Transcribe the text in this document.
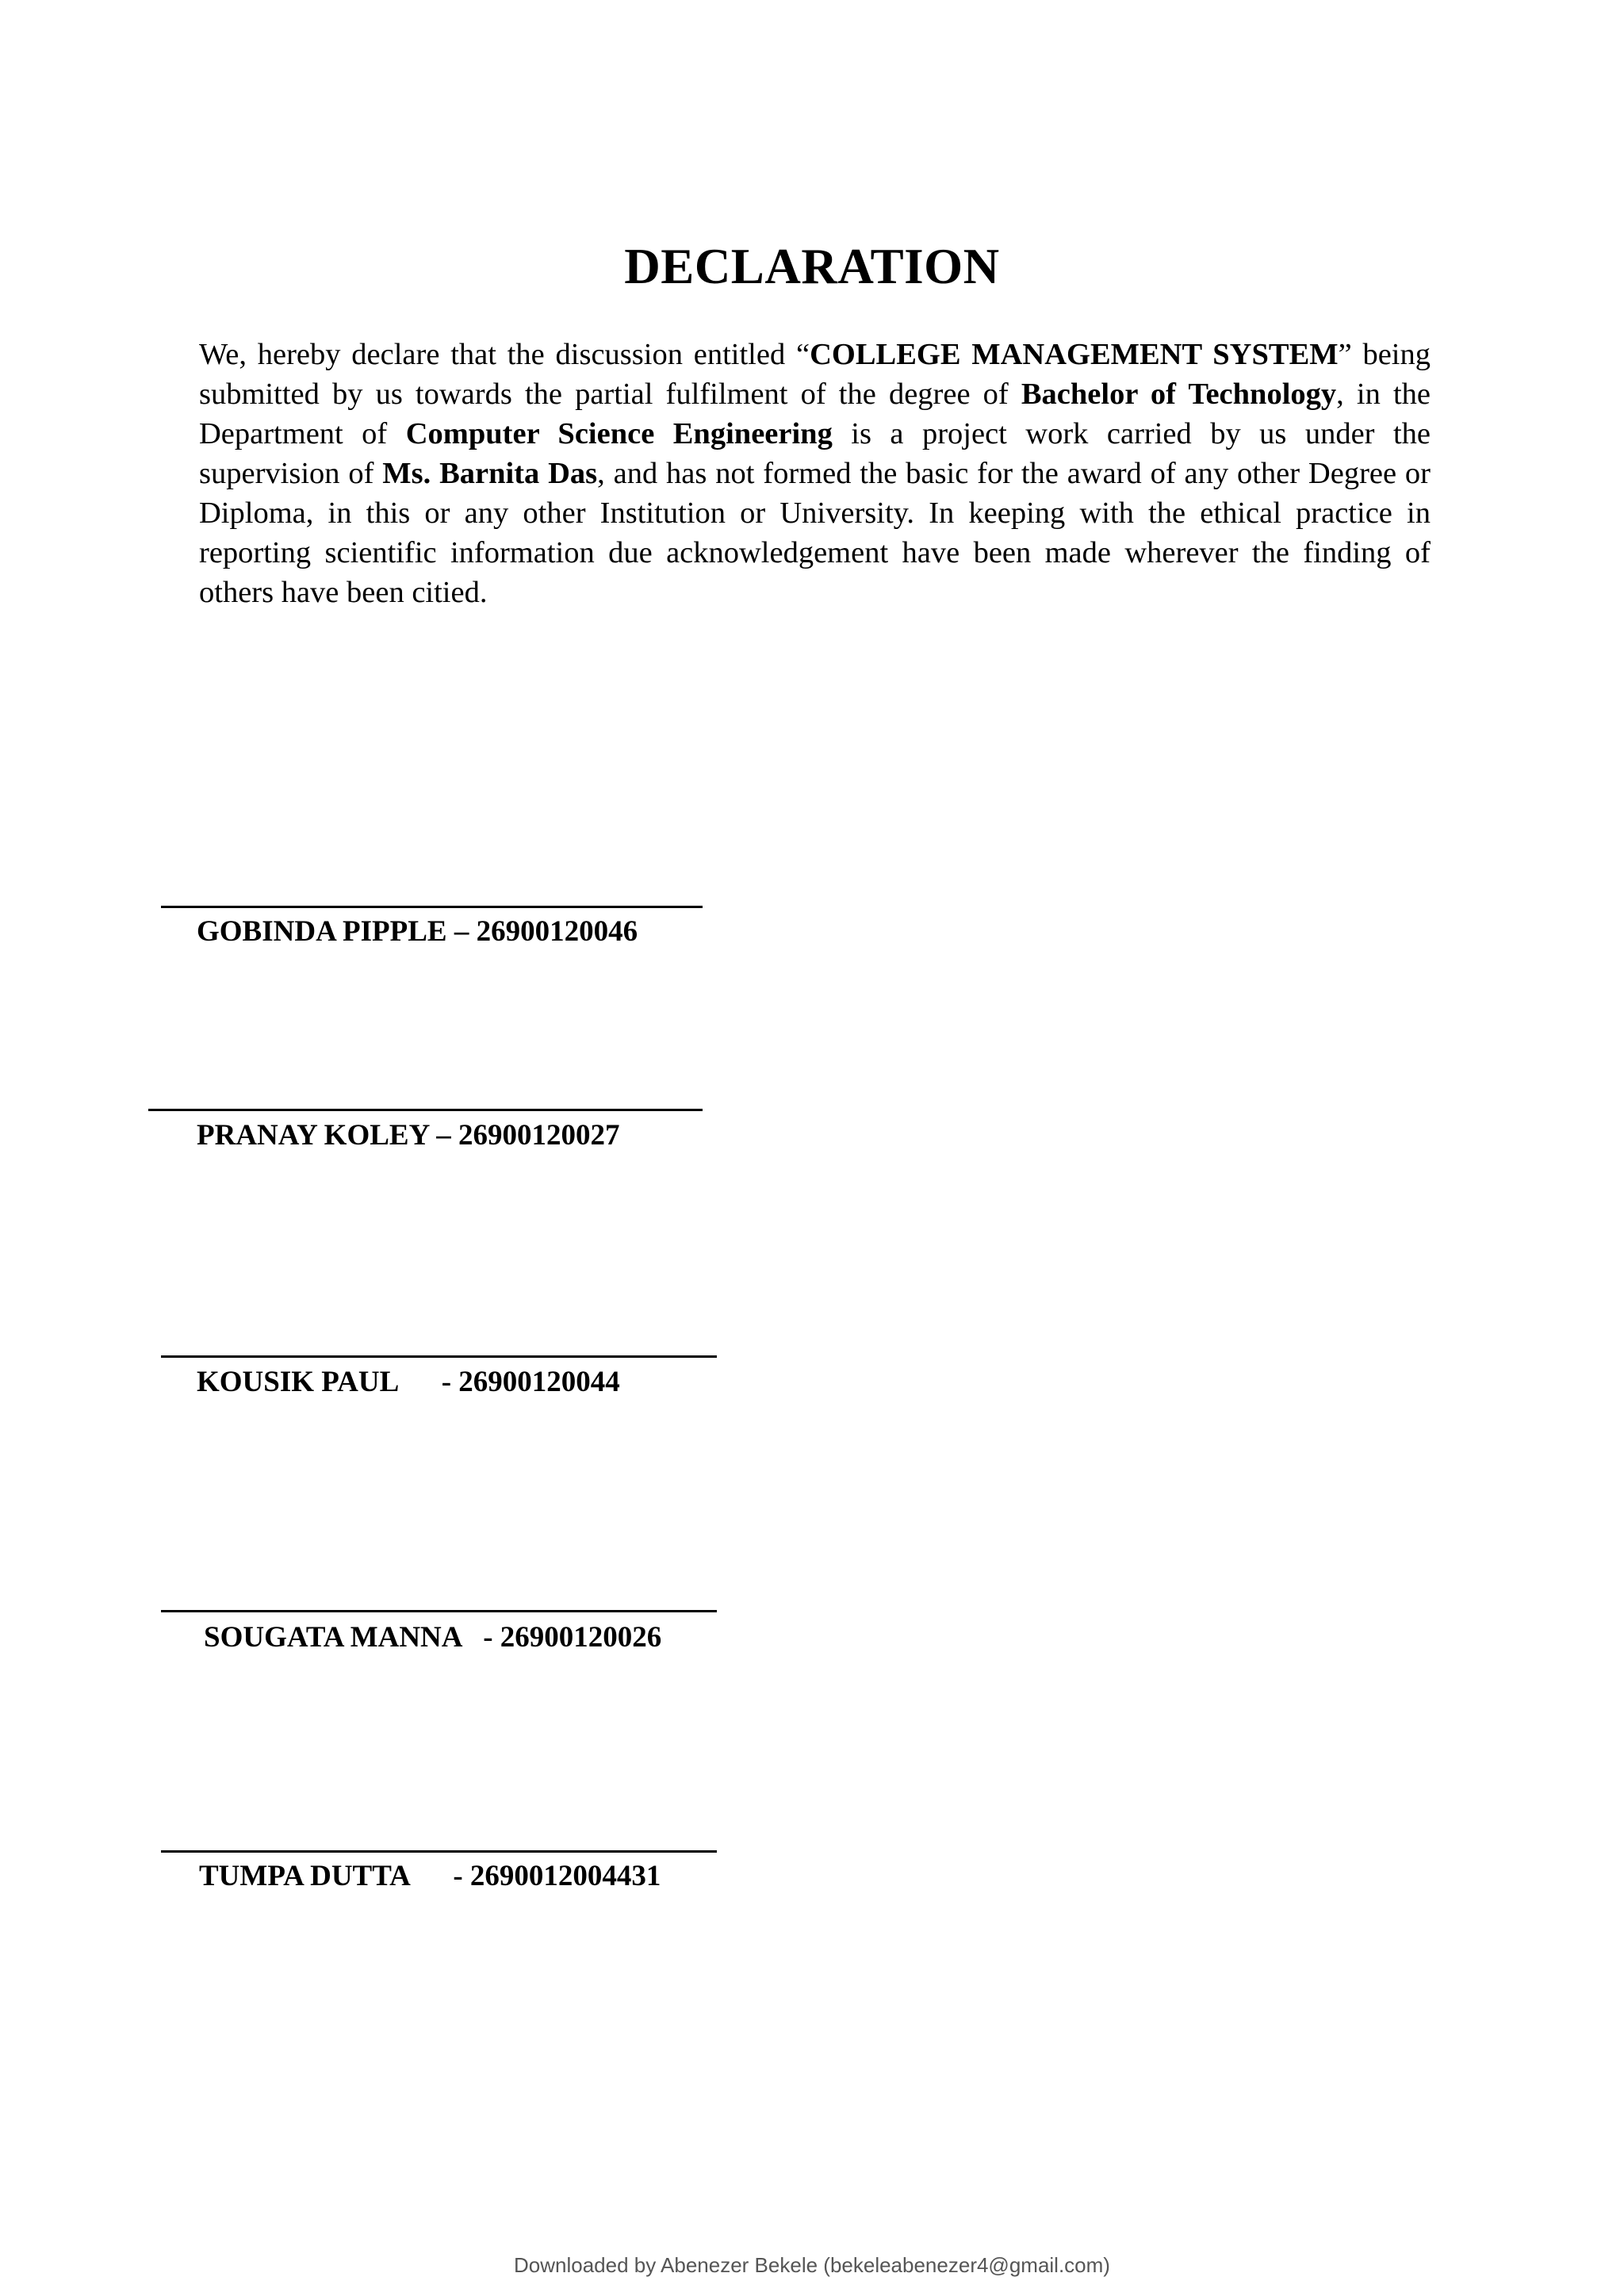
DECLARATION
We, hereby declare that the discussion entitled “COLLEGE MANAGEMENT SYSTEM” being submitted by us towards the partial fulfilment of the degree of Bachelor of Technology, in the Department of Computer Science Engineering is a project work carried by us under the supervision of Ms. Barnita Das, and has not formed the basic for the award of any other Degree or Diploma, in this or any other Institution or University. In keeping with the ethical practice in reporting scientific information due acknowledgement have been made wherever the finding of others have been citied.
GOBINDA PIPPLE – 26900120046
PRANAY KOLEY – 26900120027
KOUSIK PAUL      - 26900120044
SOUGATA MANNA   - 26900120026
TUMPA DUTTA      - 2690012004431
Downloaded by Abenezer Bekele (bekeleabenezer4@gmail.com)
